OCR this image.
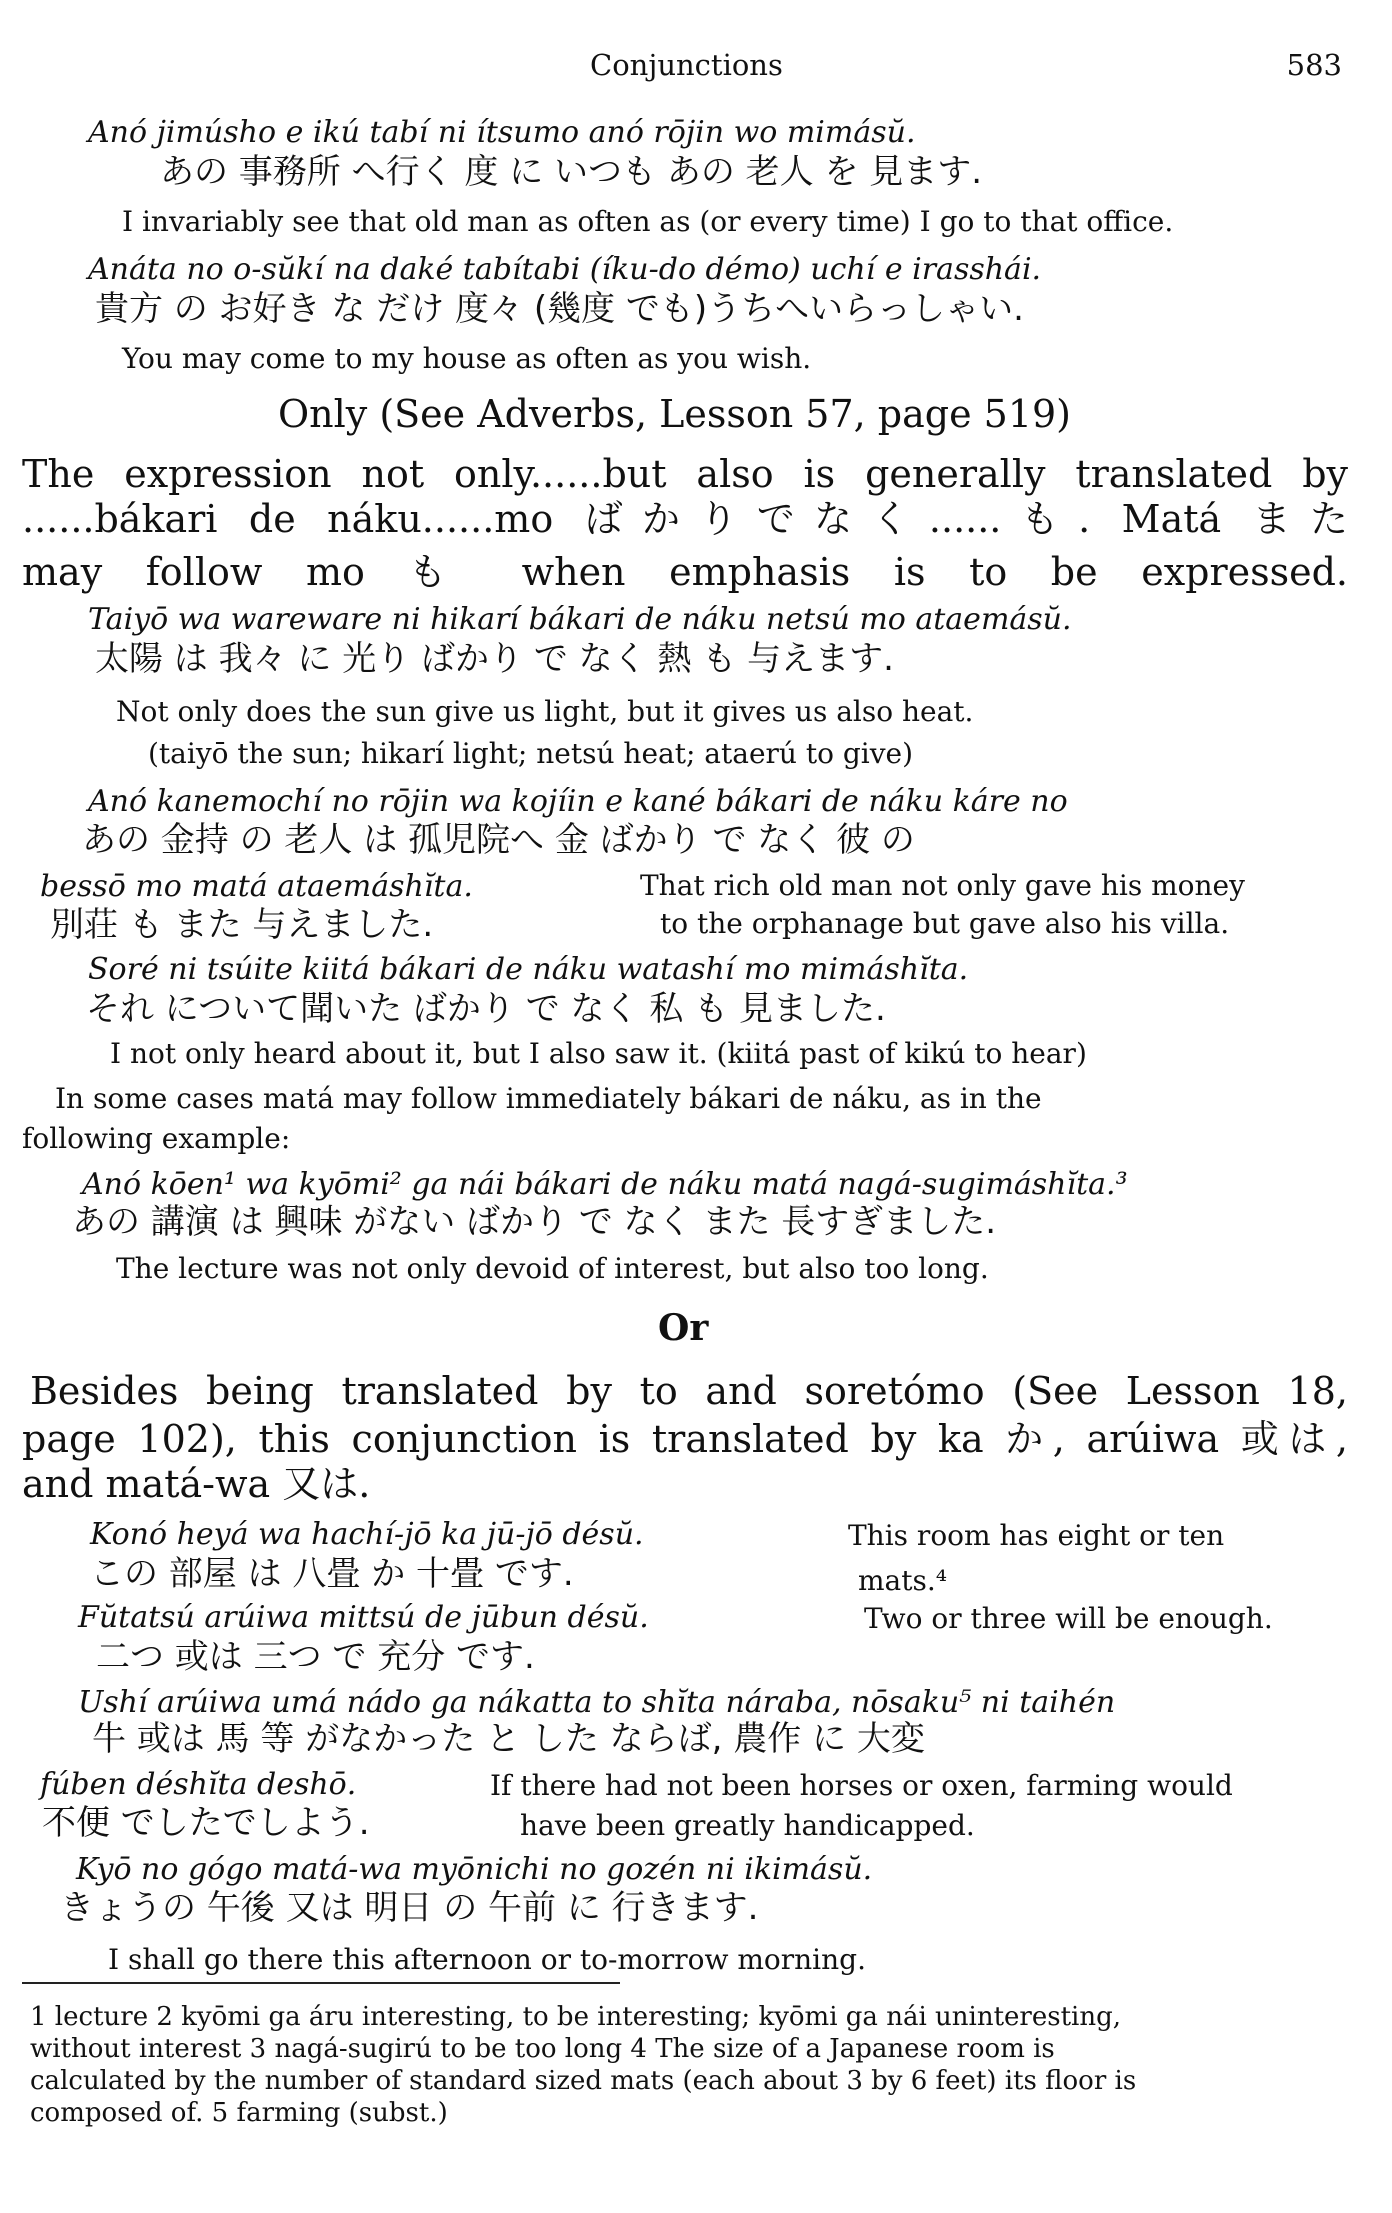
Conjunctions	583
Anó jimúsho e ikú tabí ni ítsumo anó rōjin wo mimásŭ.
あの 事務所 へ行く 度 に いつも あの 老人 を 見ます.
I invariably see that old man as often as (or every time) I go to that office.
Anáta no o-sŭkí na daké tabítabi (íku-do démo) uchí e irasshái.
貴方 の お好き な だけ 度々 (幾度 でも)うちへいらっしゃい.
You may come to my house as often as you wish.
Only (See Adverbs, Lesson 57, page 519)
The expression not only......but also is generally translated by
......bákari de náku......mo ばかりでなく......も. Matá また
may follow mo も when emphasis is to be expressed.
Taiyō wa wareware ni hikarí bákari de náku netsú mo ataemásŭ.
太陽 は 我々 に 光り ばかり で なく 熱 も 与えます.
Not only does the sun give us light, but it gives us also heat.
(taiyō the sun; hikarí light; netsú heat; ataerú to give)
Anó kanemochí no rōjin wa kojíin e kané bákari de náku káre no
あの 金持 の 老人 は 孤児院へ 金 ばかり で なく 彼 の
bessō mo matá ataemáshĭta.	That rich old man not only gave his money
別荘 も また 与えました.	to the orphanage but gave also his villa.
Soré ni tsúite kiitá bákari de náku watashí mo mimáshĭta.
それ について聞いた ばかり で なく 私 も 見ました.
I not only heard about it, but I also saw it. (kiitá past of kikú to hear)
In some cases matá may follow immediately bákari de náku, as in the
following example:
Anó kōen¹ wa kyōmi² ga nái bákari de náku matá nagá-sugimáshĭta.³
あの 講演 は 興味 がない ばかり で なく また 長すぎました.
The lecture was not only devoid of interest, but also too long.
Or
Besides being translated by to and soretómo (See Lesson 18,
page 102), this conjunction is translated by ka か, arúiwa 或は,
and matá-wa 又は.
Konó heyá wa hachí-jō ka jū-jō désŭ.	This room has eight or ten
この 部屋 は 八畳 か 十畳 です.	mats.⁴
Fŭtatsú arúiwa mittsú de jūbun désŭ.	Two or three will be enough.
二つ 或は 三つ で 充分 です.
Ushí arúiwa umá nádo ga nákatta to shĭta náraba, nōsaku⁵ ni taihén
牛 或は 馬 等 がなかった と した ならば, 農作 に 大変
fúben déshĭta deshō.	If there had not been horses or oxen, farming would
不便 でしたでしよう.	have been greatly handicapped.
Kyō no gógo matá-wa myōnichi no gozén ni ikimásŭ.
きょうの 午後 又は 明日 の 午前 に 行きます.
I shall go there this afternoon or to-morrow morning.
1 lecture 2 kyōmi ga áru interesting, to be interesting; kyōmi ga nái uninteresting,
without interest 3 nagá-sugirú to be too long 4 The size of a Japanese room is
calculated by the number of standard sized mats (each about 3 by 6 feet) its floor is
composed of. 5 farming (subst.)
